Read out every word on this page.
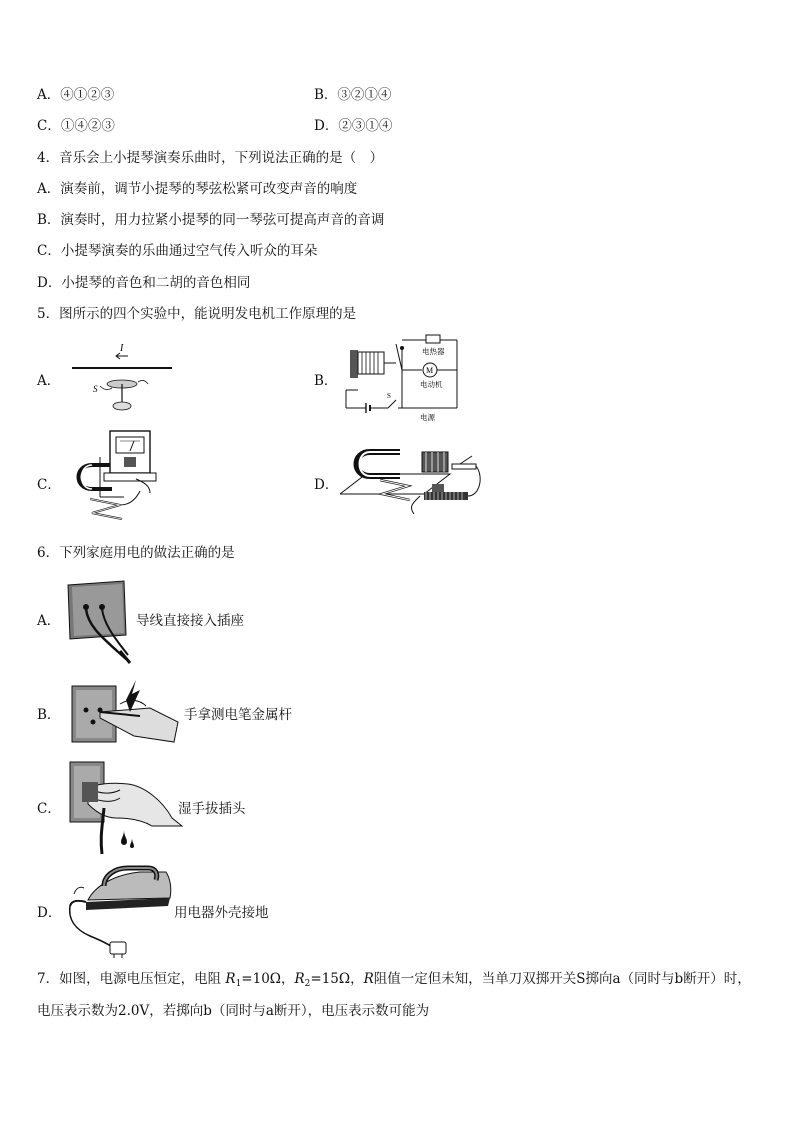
A．④①②③	B．③②①④
C．①④②③	D．②③①④
4．音乐会上小提琴演奏乐曲时，下列说法正确的是（　）
A．演奏前，调节小提琴的琴弦松紧可改变声音的响度
B．演奏时，用力拉紧小提琴的同一琴弦可提高声音的音调
C．小提琴演奏的乐曲通过空气传入听众的耳朵
D．小提琴的音色和二胡的音色相同
5．图所示的四个实验中，能说明发电机工作原理的是
A．
I
S	B．
电热器
M
电动机
电源
S
C．	D．
6．下列家庭用电的做法正确的是
A．	导线直接接入插座
B．	手拿测电笔金属杆
C．	湿手拔插头
D．	用电器外壳接地
7．如图，电源电压恒定，电阻 $R_1=10\Omega$，$R_2=15\Omega$，R阻值一定但未知，当单刀双掷开关S掷向a（同时与b断开）时，
电压表示数为2.0V，若掷向b（同时与a断开），电压表示数可能为
